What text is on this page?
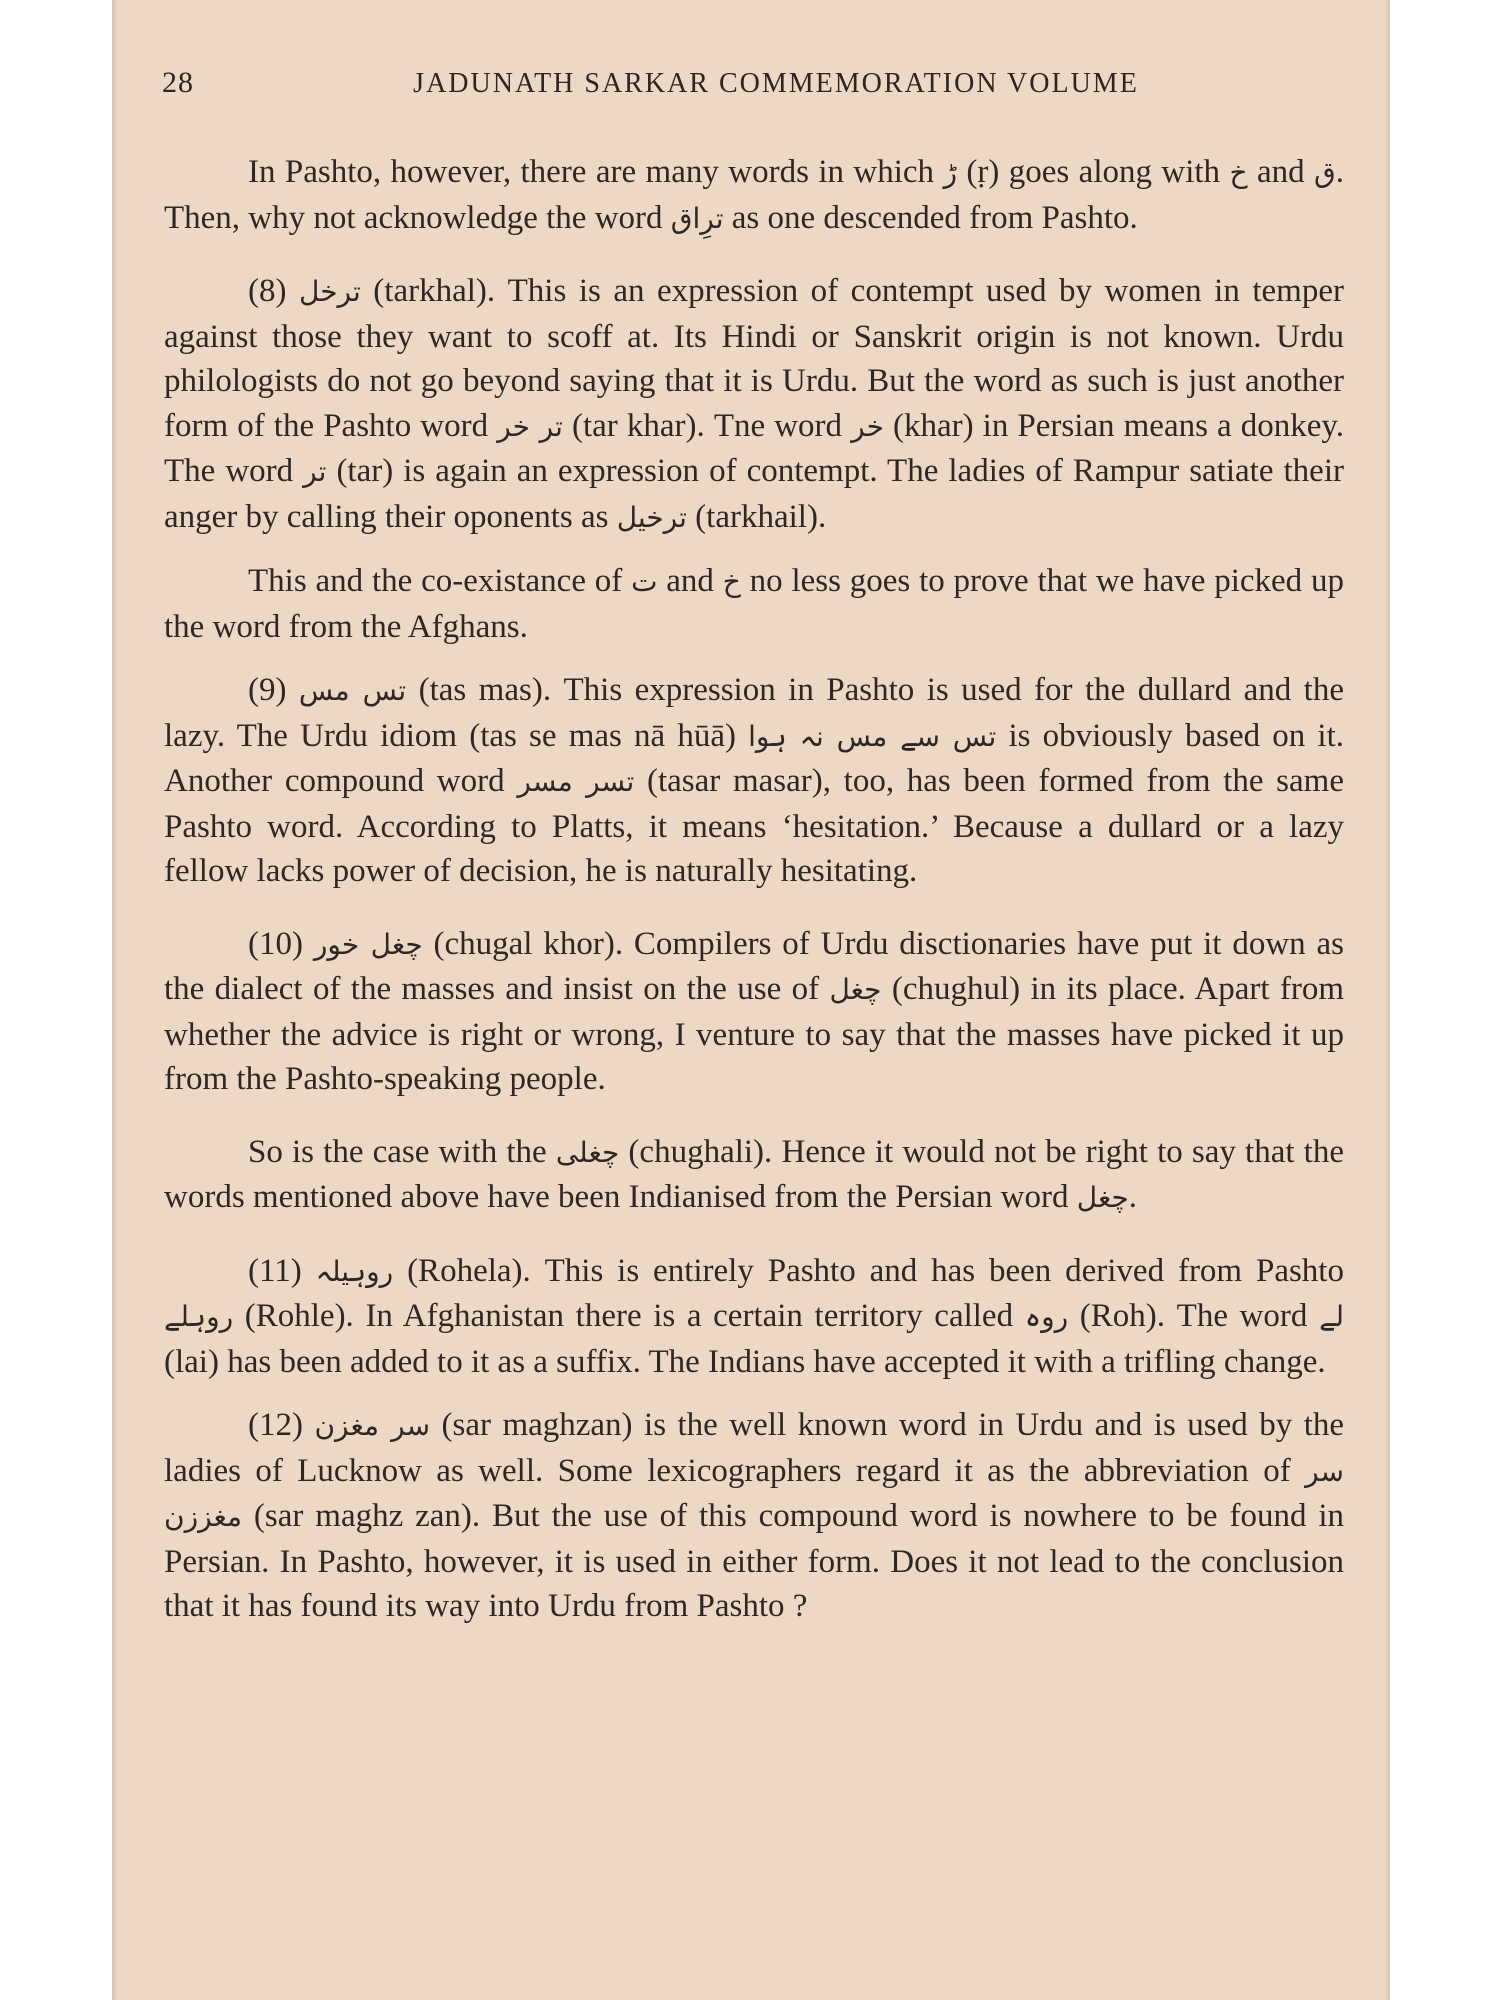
28	JADUNATH SARKAR COMMEMORATION VOLUME

In Pashto, however, there are many words in which ڑ (ṛ) goes along with خ and ق. Then, why not acknowledge the word ترِاق as one descended from Pashto.

(8) ترخل (tarkhal). This is an expression of contempt used by women in temper against those they want to scoff at. Its Hindi or Sanskrit origin is not known. Urdu philologists do not go beyond saying that it is Urdu. But the word as such is just another form of the Pashto word تر خر (tar khar). Tne word خر (khar) in Persian means a donkey. The word تر (tar) is again an expression of contempt. The ladies of Rampur satiate their anger by calling their oponents as ترخیل (tarkhail).

This and the co-existance of ت and خ no less goes to prove that we have picked up the word from the Afghans.

(9) تس مس (tas mas). This expression in Pashto is used for the dullard and the lazy. The Urdu idiom (tas se mas nā hūā) تس سے مس نہ ہوا is obviously based on it. Another compound word تسر مسر (tasar masar), too, has been formed from the same Pashto word. According to Platts, it means ‘hesitation.’ Because a dullard or a lazy fellow lacks power of decision, he is naturally hesitating.

(10) چغل خور (chugal khor). Compilers of Urdu disctionaries have put it down as the dialect of the masses and insist on the use of چغل (chughul) in its place. Apart from whether the advice is right or wrong, I venture to say that the masses have picked it up from the Pashto-speaking people.

So is the case with the چغلی (chughali). Hence it would not be right to say that the words mentioned above have been Indianised from the Persian word چغل.

(11) روہیلہ (Rohela). This is entirely Pashto and has been derived from Pashto روہلے (Rohle). In Afghanistan there is a certain territory called روہ (Roh). The word لے (lai) has been added to it as a suffix. The Indians have accepted it with a trifling change.

(12) سر مغزن (sar maghzan) is the well known word in Urdu and is used by the ladies of Lucknow as well. Some lexicographers regard it as the abbreviation of سر مغززن (sar maghz zan). But the use of this compound word is nowhere to be found in Persian. In Pashto, however, it is used in either form. Does it not lead to the conclusion that it has found its way into Urdu from Pashto ?
